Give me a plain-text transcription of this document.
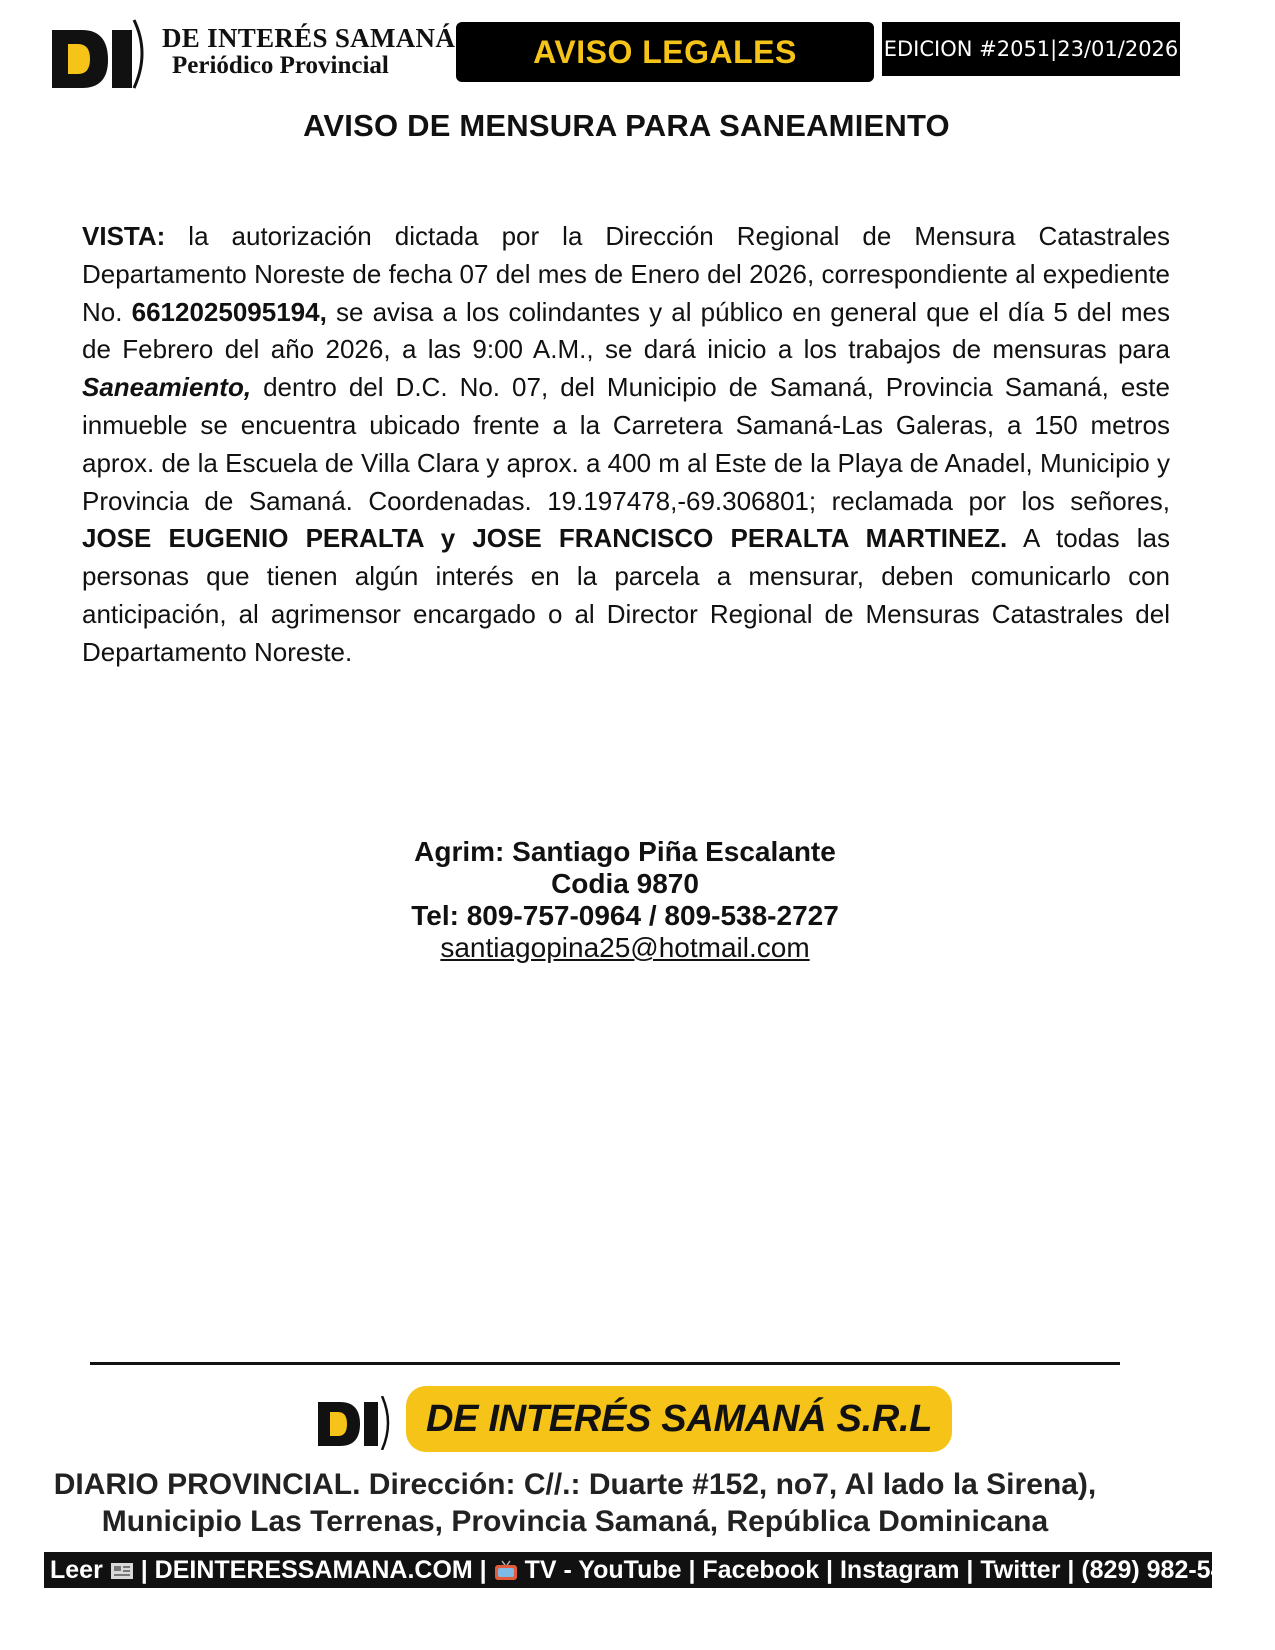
DE INTERÉS SAMANÁ
Periódico Provincial	AVISO LEGALES	EDICION #2051|23/01/2026
AVISO DE MENSURA PARA SANEAMIENTO

VISTA: la autorización dictada por la Dirección Regional de Mensura Catastrales Departamento Noreste de fecha 07 del mes de Enero del 2026, correspondiente al expediente No. 6612025095194, se avisa a los colindantes y al público en general que el día 5 del mes de Febrero del año 2026, a las 9:00 A.M., se dará inicio a los trabajos de mensuras para Saneamiento, dentro del D.C. No. 07, del Municipio de Samaná, Provincia Samaná, este inmueble se encuentra ubicado frente a la Carretera Samaná-Las Galeras, a 150 metros aprox. de la Escuela de Villa Clara y aprox. a 400 m al Este de la Playa de Anadel, Municipio y Provincia de Samaná. Coordenadas. 19.197478,-69.306801; reclamada por los señores, JOSE EUGENIO PERALTA y JOSE FRANCISCO PERALTA MARTINEZ. A todas las personas que tienen algún interés en la parcela a mensurar, deben comunicarlo con anticipación, al agrimensor encargado o al Director Regional de Mensuras Catastrales del Departamento Noreste.

Agrim: Santiago Piña Escalante
Codia 9870
Tel: 809-757-0964 / 809-538-2727
santiagopina25@hotmail.com
DE INTERÉS SAMANÁ S.R.L
DIARIO PROVINCIAL. Dirección: C//.: Duarte #152, no7, Al lado la Sirena),
Municipio Las Terrenas, Provincia Samaná, República Dominicana
Leer  | DEINTERESSAMANA.COM |  TV - YouTube | Facebook | Instagram | Twitter | (829) 982-5454
